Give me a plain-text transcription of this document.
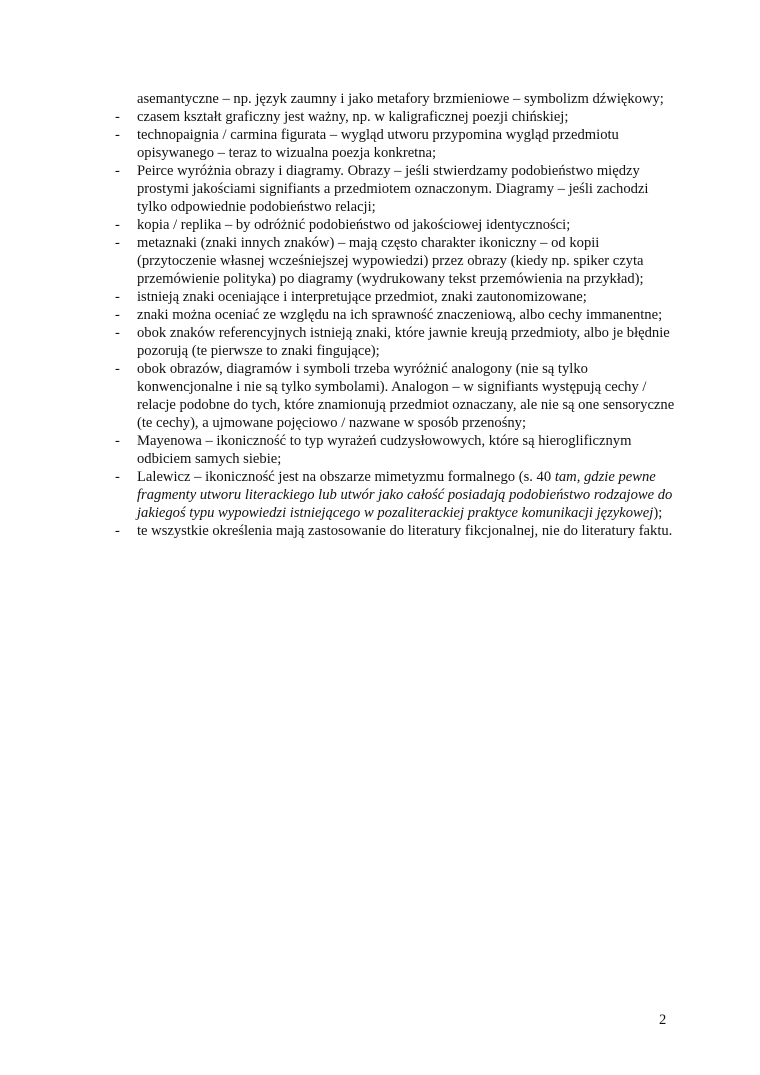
asemantyczne – np. język zaumny i jako metafory brzmieniowe – symbolizm dźwiękowy;
- czasem kształt graficzny jest ważny, np. w kaligraficznej poezji chińskiej;
- technopaignia / carmina figurata – wygląd utworu przypomina wygląd przedmiotu opisywanego – teraz to wizualna poezja konkretna;
- Peirce wyróżnia obrazy i diagramy. Obrazy – jeśli stwierdzamy podobieństwo między prostymi jakościami signifiants a przedmiotem oznaczonym. Diagramy – jeśli zachodzi tylko odpowiednie podobieństwo relacji;
- kopia / replika – by odróżnić podobieństwo od jakościowej identyczności;
- metaznaki (znaki innych znaków) – mają często charakter ikoniczny – od kopii (przytoczenie własnej wcześniejszej wypowiedzi) przez obrazy (kiedy np. spiker czyta przemówienie polityka) po diagramy (wydrukowany tekst przemówienia na przykład);
- istnieją znaki oceniające i interpretujące przedmiot, znaki zautonomizowane;
- znaki można oceniać ze względu na ich sprawność znaczeniową, albo cechy immanentne;
- obok znaków referencyjnych istnieją znaki, które jawnie kreują przedmioty, albo je błędnie pozorują (te pierwsze to znaki fingujące);
- obok obrazów, diagramów i symboli trzeba wyróżnić analogony (nie są tylko konwencjonalne i nie są tylko symbolami). Analogon – w signifiants występują cechy / relacje podobne do tych, które znamionują przedmiot oznaczany, ale nie są one sensoryczne (te cechy), a ujmowane pojęciowo / nazwane w sposób przenośny;
- Mayenowa – ikoniczność to typ wyrażeń cudzysłowowych, które są hieroglificznym odbiciem samych siebie;
- Lalewicz – ikoniczność jest na obszarze mimetyzmu formalnego (s. 40 tam, gdzie pewne fragmenty utworu literackiego lub utwór jako całość posiadają podobieństwo rodzajowe do jakiegoś typu wypowiedzi istniejącego w pozaliterackiej praktyce komunikacji językowej);
- te wszystkie określenia mają zastosowanie do literatury fikcjonalnej, nie do literatury faktu.
2
